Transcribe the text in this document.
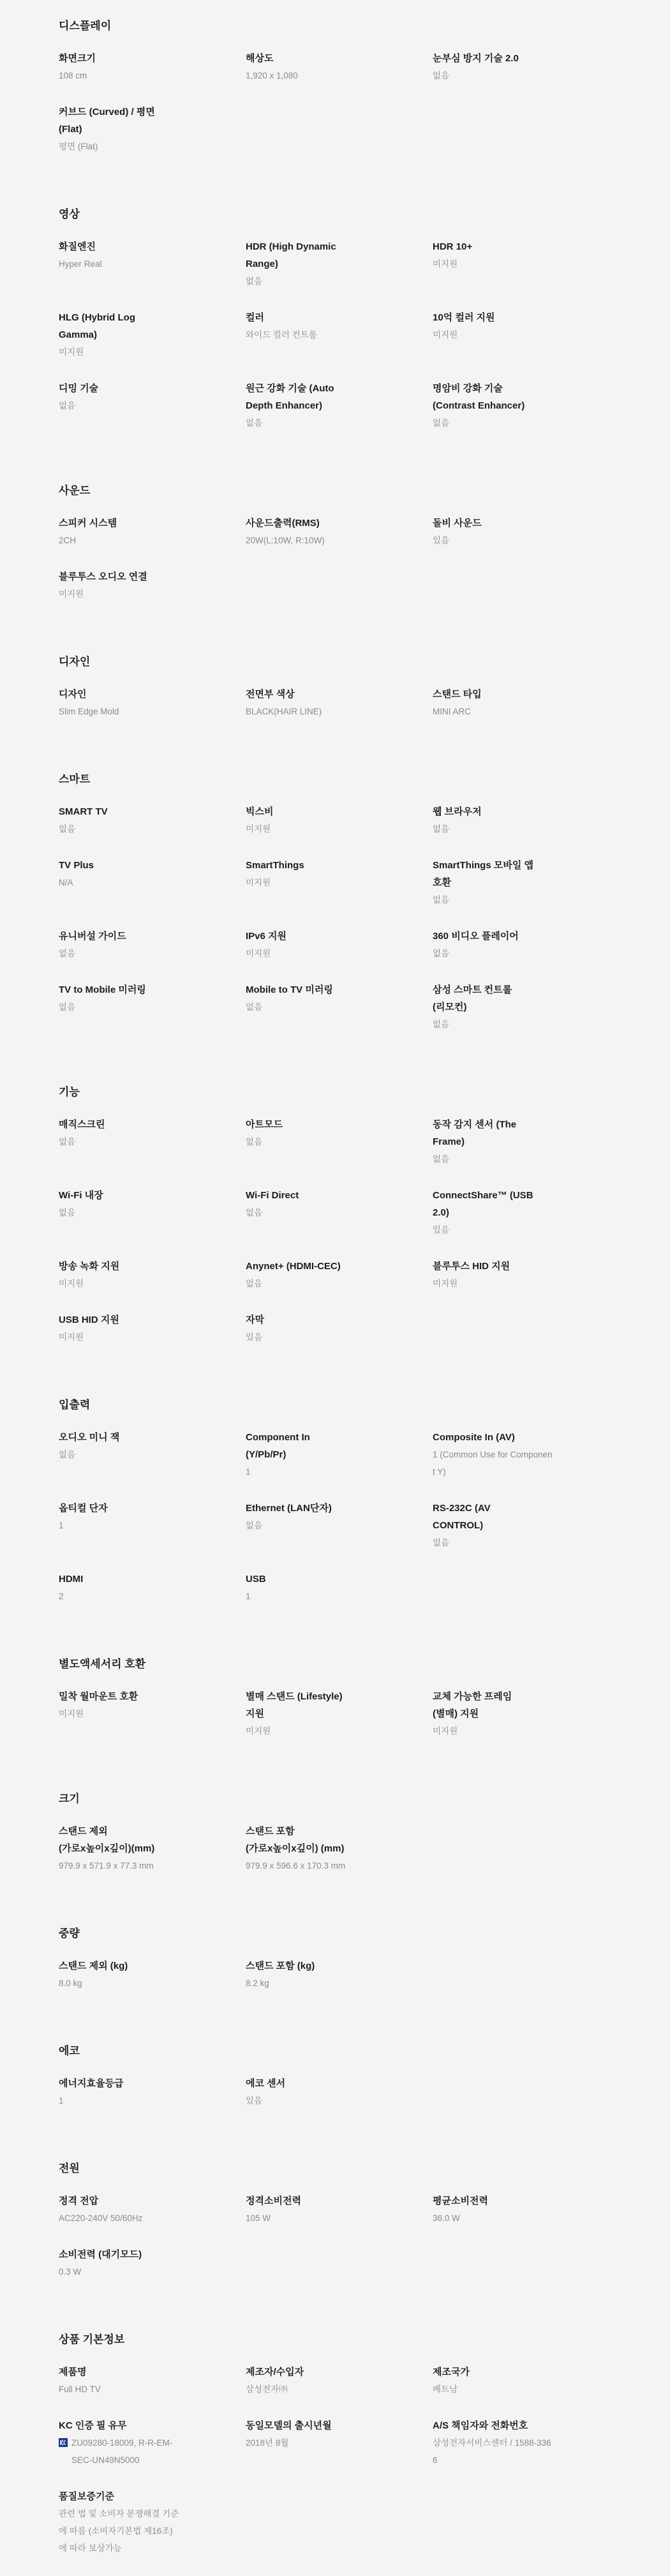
디스플레이
화면크기
108 cm
해상도
1,920 x 1,080
눈부심 방지 기술 2.0
없음
커브드 (Curved) / 평면 (Flat)
평면 (Flat)
영상
화질엔진
Hyper Real
HDR (High Dynamic Range)
없음
HDR 10+
미지원
HLG (Hybrid Log Gamma)
미지원
컬러
와이드 컬러 컨트롤
10억 컬러 지원
미지원
디밍 기술
없음
원근 강화 기술 (Auto Depth Enhancer)
없음
명암비 강화 기술 (Contrast Enhancer)
없음
사운드
스피커 시스템
2CH
사운드출력(RMS)
20W(L:10W, R:10W)
돌비 사운드
있음
블루투스 오디오 연결
미지원
디자인
디자인
Slim Edge Mold
전면부 색상
BLACK(HAIR LINE)
스탠드 타입
MINI ARC
스마트
SMART TV
없음
빅스비
미지원
웹 브라우저
없음
TV Plus
N/A
SmartThings
미지원
SmartThings 모바일 앱 호환
없음
유니버설 가이드
없음
IPv6 지원
미지원
360 비디오 플레이어
없음
TV to Mobile 미러링
없음
Mobile to TV 미러링
없음
삼성 스마트 컨트롤 (리모컨)
없음
기능
매직스크린
없음
아트모드
없음
동작 감지 센서 (The Frame)
없음
Wi-Fi 내장
없음
Wi-Fi Direct
없음
ConnectShare™ (USB 2.0)
있음
방송 녹화 지원
미지원
Anynet+ (HDMI-CEC)
없음
블루투스 HID 지원
미지원
USB HID 지원
미지원
자막
있음
입출력
오디오 미니 잭
없음
Component In (Y/Pb/Pr)
1
Composite In (AV)
1 (Common Use for Component Y)
옵티컬 단자
1
Ethernet (LAN단자)
없음
RS-232C (AV CONTROL)
없음
HDMI
2
USB
1
별도액세서리 호환
밀착 월마운트 호환
미지원
별매 스탠드 (Lifestyle) 지원
미지원
교체 가능한 프레임 (별매) 지원
미지원
크기
스탠드 제외 (가로x높이x깊이)(mm)
979.9 x 571.9 x 77.3 mm
스탠드 포함 (가로x높이x깊이) (mm)
979.9 x 596.6 x 170.3 mm
중량
스탠드 제외 (kg)
8.0 kg
스탠드 포함 (kg)
8.2 kg
에코
에너지효율등급
1
에코 센서
있음
전원
정격 전압
AC220-240V 50/60Hz
정격소비전력
105 W
평균소비전력
36.0 W
소비전력 (대기모드)
0.3 W
상품 기본정보
제품명
Full HD TV
제조자/수입자
삼성전자㈜
제조국가
베트남
KC 인증 필 유무
ZU09280-18009, R-R-EM-SEC-UN49N5000
동일모델의 출시년월
2018년 8월
A/S 책임자와 전화번호
삼성전자서비스센터 / 1588-3366
품질보증기준
관련 법 및 소비자 분쟁해결 기준에 따름 (소비자기본법 제16조)에 따라 보상가능
